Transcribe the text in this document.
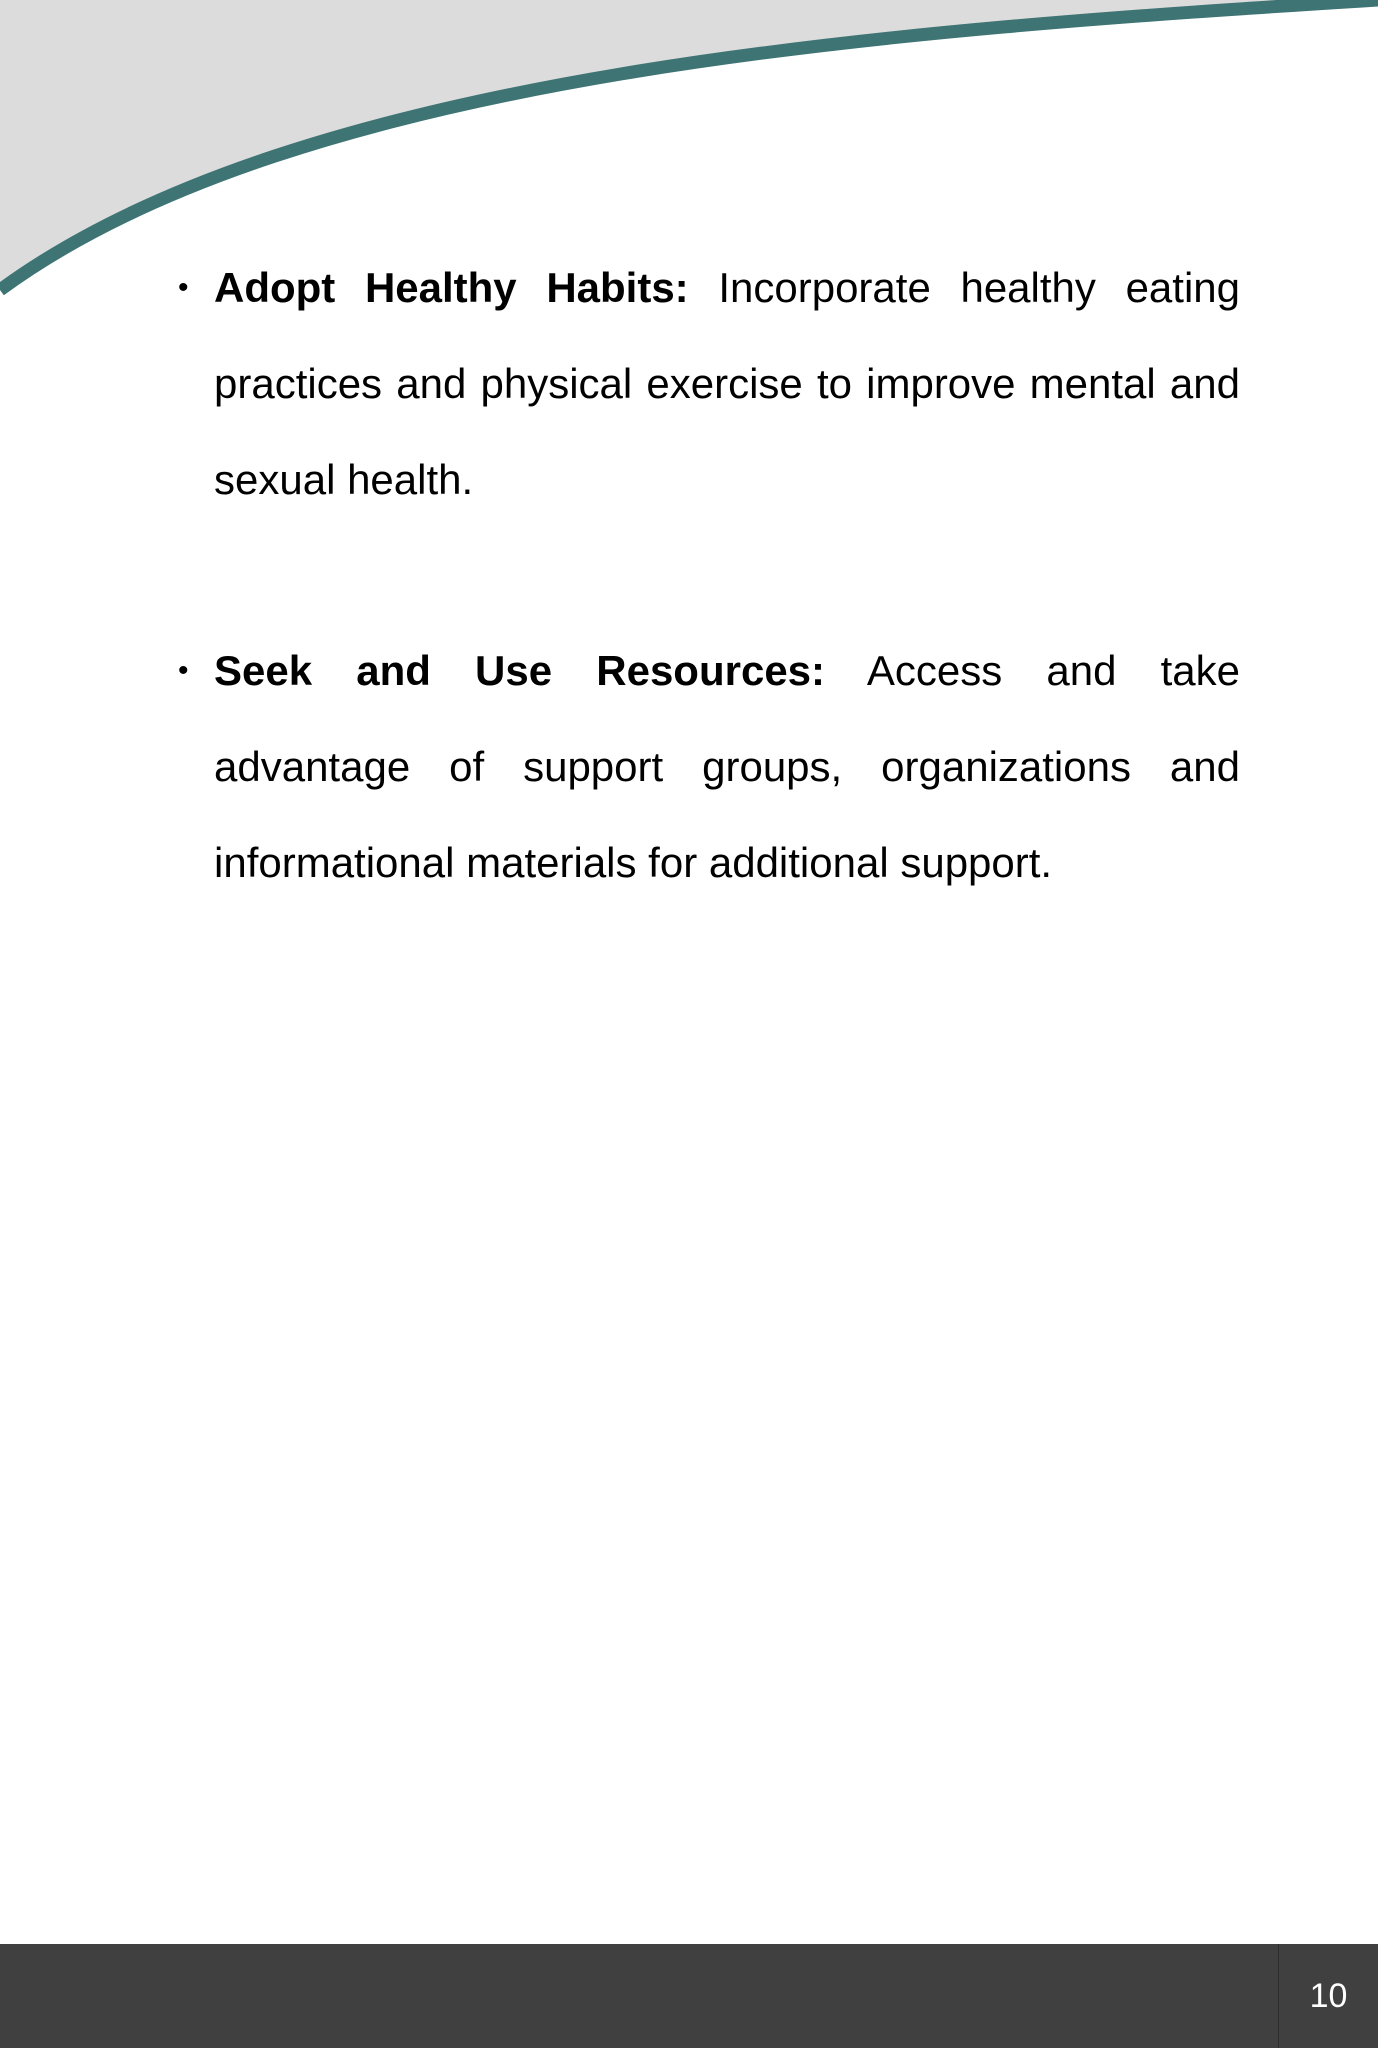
• Adopt Healthy Habits: Incorporate healthy eating practices and physical exercise to improve mental and sexual health.

• Seek and Use Resources: Access and take advantage of support groups, organizations and informational materials for additional support.

10
